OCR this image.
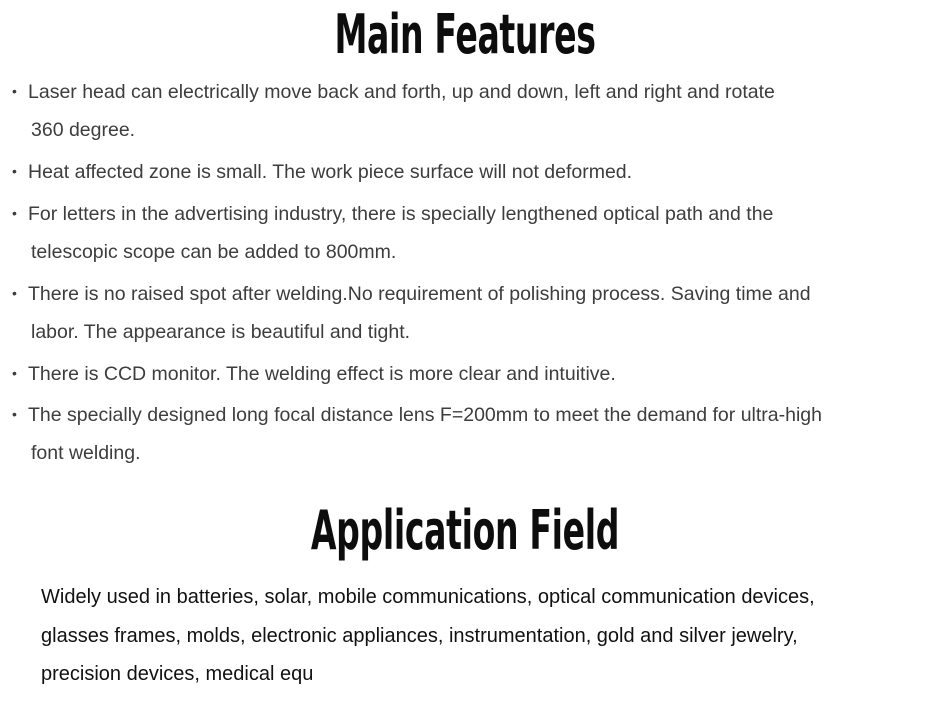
Main Features
• Laser head can electrically move back and forth, up and down, left and right and rotate
360 degree.
• Heat affected zone is small. The work piece surface will not deformed.
• For letters in the advertising industry, there is specially lengthened optical path and the
telescopic scope can be added to 800mm.
• There is no raised spot after welding.No requirement of polishing process. Saving time and
labor. The appearance is beautiful and tight.
• There is CCD monitor. The welding effect is more clear and intuitive.
• The specially designed long focal distance lens F=200mm to meet the demand for ultra-high
font welding.
Application Field
Widely used in batteries, solar, mobile communications, optical communication devices,
glasses frames, molds, electronic appliances, instrumentation, gold and silver jewelry,
precision devices, medical equ
